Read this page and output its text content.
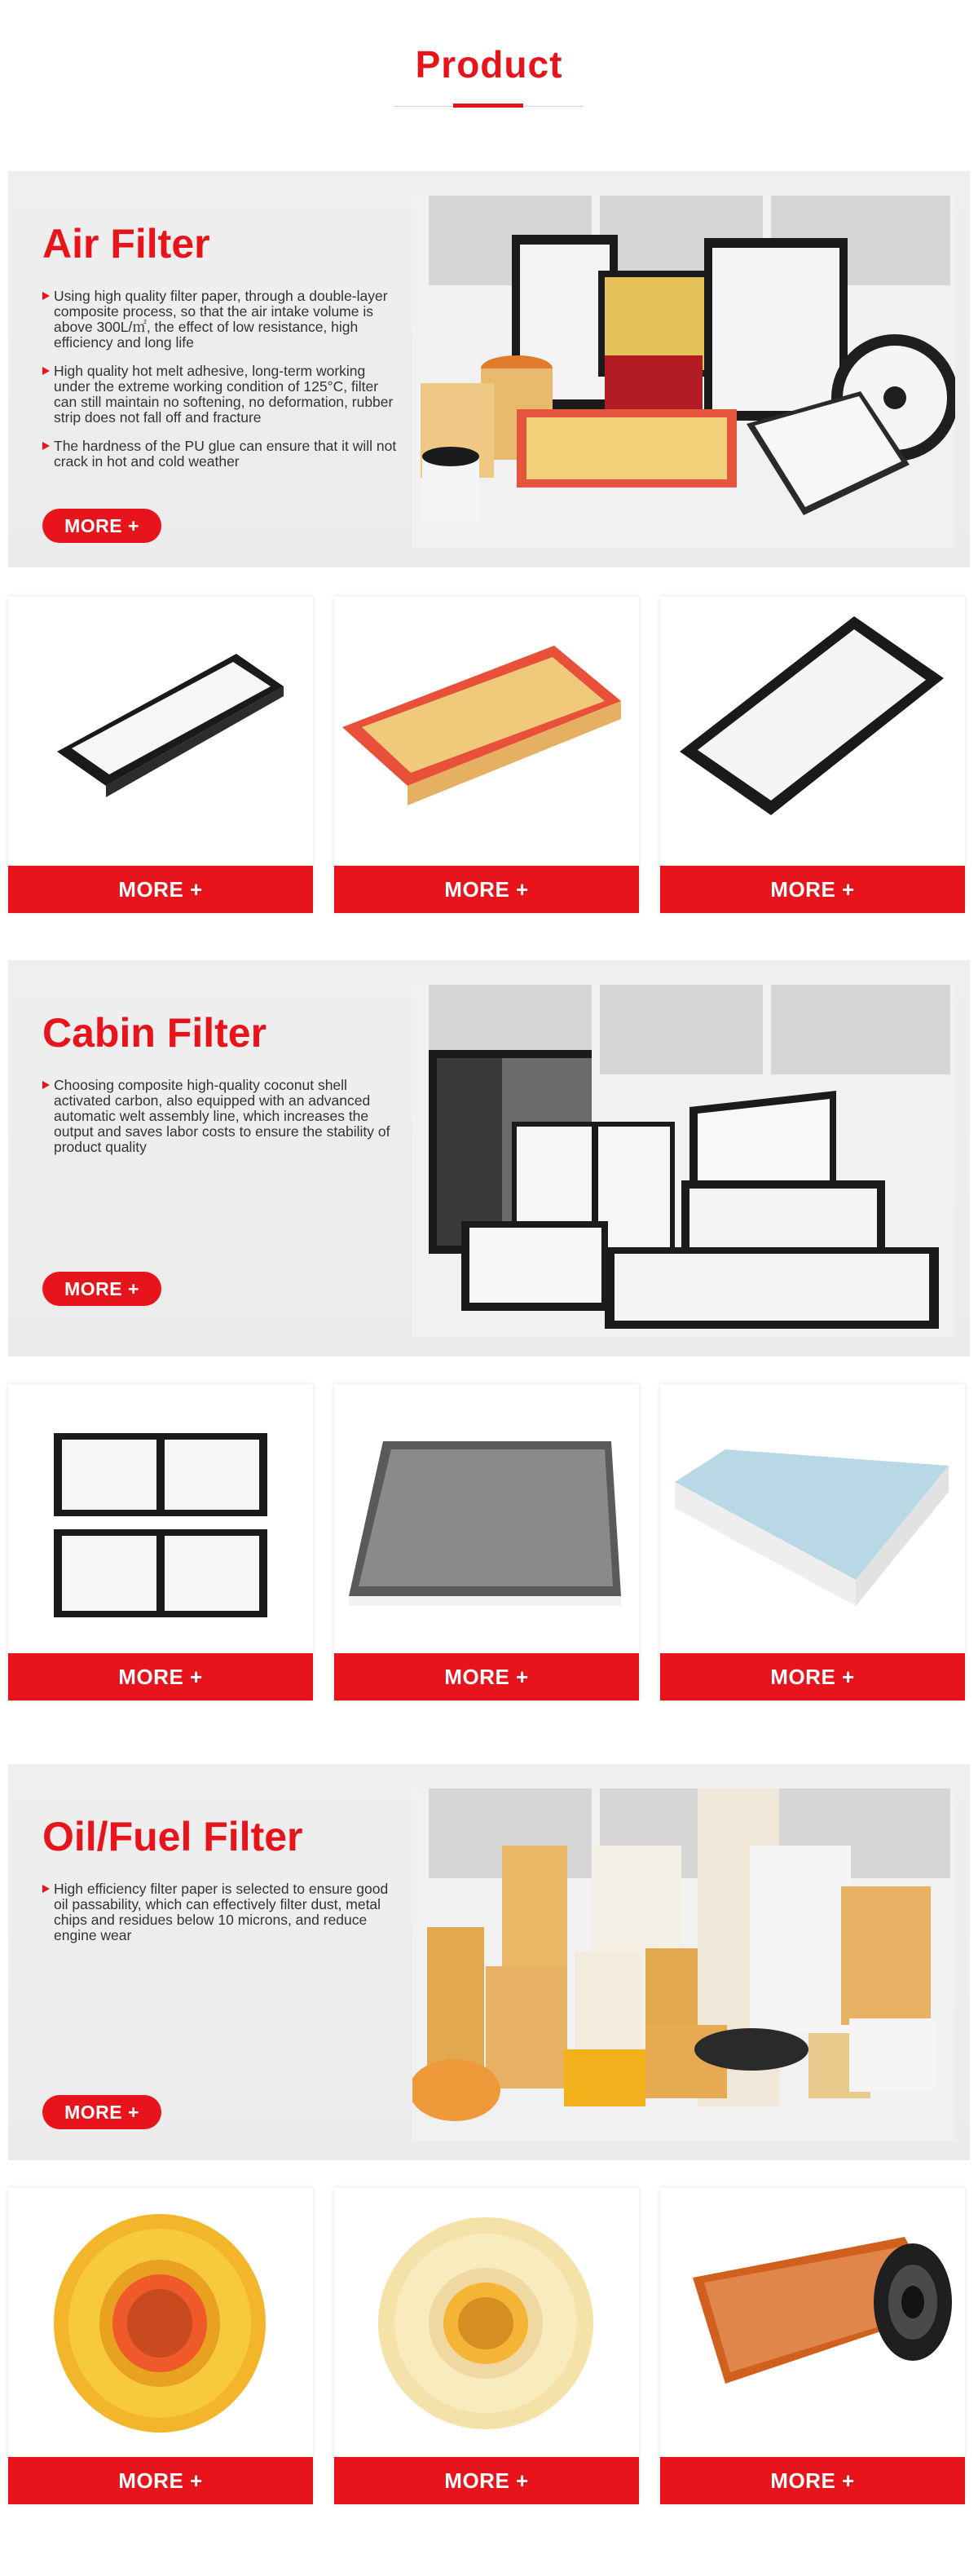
Product
Air Filter
Using high quality filter paper, through a double-layer composite process, so that the air intake volume is above 300L/㎡, the effect of low resistance, high efficiency and long life
High quality hot melt adhesive, long-term working under the extreme working condition of 125°C, filter can still maintain no softening, no deformation, rubber strip does not fall off and fracture
The hardness of the PU glue can ensure that it will not crack in hot and cold weather
MORE +
MORE +	MORE +	MORE +
Cabin Filter
Choosing composite high-quality coconut shell activated carbon, also equipped with an advanced automatic welt assembly line, which increases the output and saves labor costs to ensure the stability of product quality
MORE +
MORE +	MORE +	MORE +
Oil/Fuel Filter
High efficiency filter paper is selected to ensure good oil passability, which can effectively filter dust, metal chips and residues below 10 microns, and reduce engine wear
MORE +
MORE +	MORE +	MORE +
